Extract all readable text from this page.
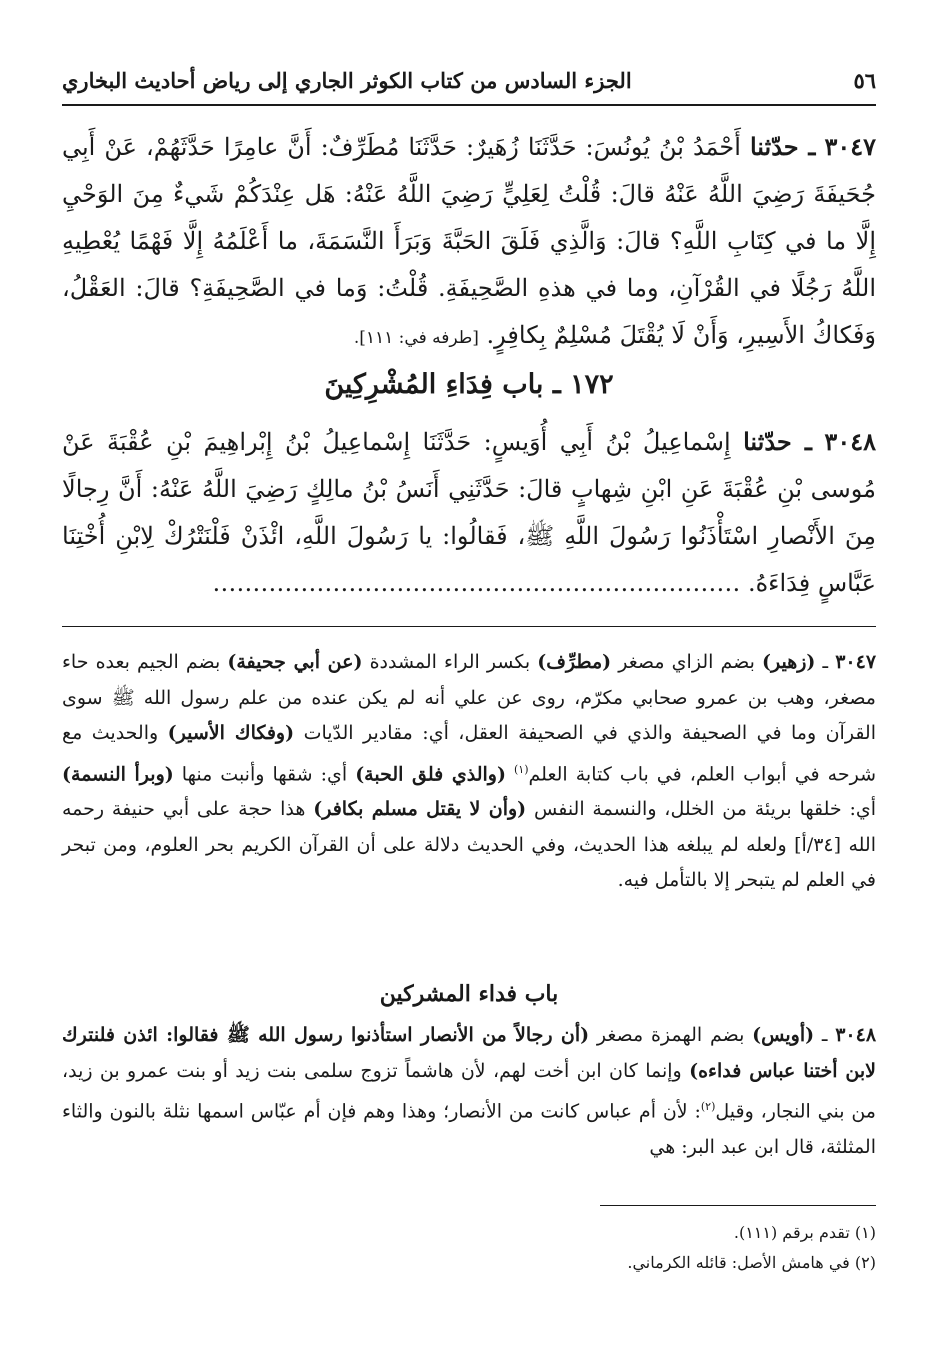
٥٦
الجزء السادس من كتاب الكوثر الجاري إلى رياض أحاديث البخاري
٣٠٤٧ ـ حدّثنا أَحْمَدُ بْنُ يُونُسَ: حَدَّثَنَا زُهَيرٌ: حَدَّثَنَا مُطَرِّفٌ: أَنَّ عامِرًا حَدَّثَهُمْ، عَنْ أَبِي جُحَيفَةَ رَضِيَ اللَّهُ عَنْهُ قالَ: قُلْتُ لِعَلِيٍّ رَضِيَ اللَّهُ عَنْهُ: هَل عِنْدَكُمْ شَيءٌ مِنَ الوَحْيِ إِلَّا ما في كِتَابِ اللَّهِ؟ قالَ: وَالَّذِي فَلَقَ الحَبَّةَ وَبَرَأَ النَّسَمَةَ، ما أَعْلَمُهُ إِلَّا فَهْمًا يُعْطِيهِ اللَّهُ رَجُلًا في القُرْآنِ، وما في هذهِ الصَّحِيفَةِ. قُلْتُ: وَما في الصَّحِيفَةِ؟ قالَ: العَقْلُ، وَفَكاكُ الأَسِيرِ، وَأَنْ لَا يُقْتَلَ مُسْلِمٌ بِكافِرٍ. [طرفه في: ١١١].
١٧٢ ـ باب فِدَاءِ المُشْرِكِينَ
٣٠٤٨ ـ حدّثنا إِسْماعِيلُ بْنُ أَبِي أُوَيسٍ: حَدَّثَنَا إِسْماعِيلُ بْنُ إِبْراهِيمَ بْنِ عُقْبَةَ عَنْ مُوسى بْنِ عُقْبَةَ عَنِ ابْنِ شِهابٍ قالَ: حَدَّثَنِي أَنَسُ بْنُ مالِكٍ رَضِيَ اللَّهُ عَنْهُ: أَنَّ رِجالًا مِنَ الأَنْصارِ اسْتَأْذَنُوا رَسُولَ اللَّهِ ﷺ، فَقالُوا: يا رَسُولَ اللَّهِ، ائْذَنْ فَلْنَتْرُكْ لِابْنِ أُخْتِنَا عَبَّاسٍ فِدَاءَهُ. …………………………………………………………
٣٠٤٧ ـ (زهير) بضم الزاي مصغر (مطرِّف) بكسر الراء المشددة (عن أبي جحيفة) بضم الجيم بعده حاء مصغر، وهب بن عمرو صحابي مكرّم، روى عن علي أنه لم يكن عنده من علم رسول الله ﷺ سوى القرآن وما في الصحيفة والذي في الصحيفة العقل، أي: مقادير الدّيات (وفكاك الأسير) والحديث مع شرحه في أبواب العلم، في باب كتابة العلم$^{(١)}$ (والذي فلق الحبة) أي: شقها وأنبت منها (وبرأ النسمة) أي: خلقها بريئة من الخلل، والنسمة النفس (وأن لا يقتل مسلم بكافر) هذا حجة على أبي حنيفة رحمه الله [٣٤/أ] ولعله لم يبلغه هذا الحديث، وفي الحديث دلالة على أن القرآن الكريم بحر العلوم، ومن تبحر في العلم لم يتبحر إلا بالتأمل فيه.
باب فداء المشركين
٣٠٤٨ ـ (أويس) بضم الهمزة مصغر (أن رجالاً من الأنصار استأذنوا رسول الله ﷺ فقالوا: ائذن فلنترك لابن أختنا عباس فداءه) وإنما كان ابن أخت لهم، لأن هاشماً تزوج سلمى بنت زيد أو بنت عمرو بن زيد، من بني النجار، وقيل$^{(٢)}$: لأن أم عباس كانت من الأنصار؛ وهذا وهم فإن أم عبّاس اسمها نثلة بالنون والثاء المثلثة، قال ابن عبد البر: هي
(١) تقدم برقم (١١١).
(٢) في هامش الأصل: قائله الكرماني.
